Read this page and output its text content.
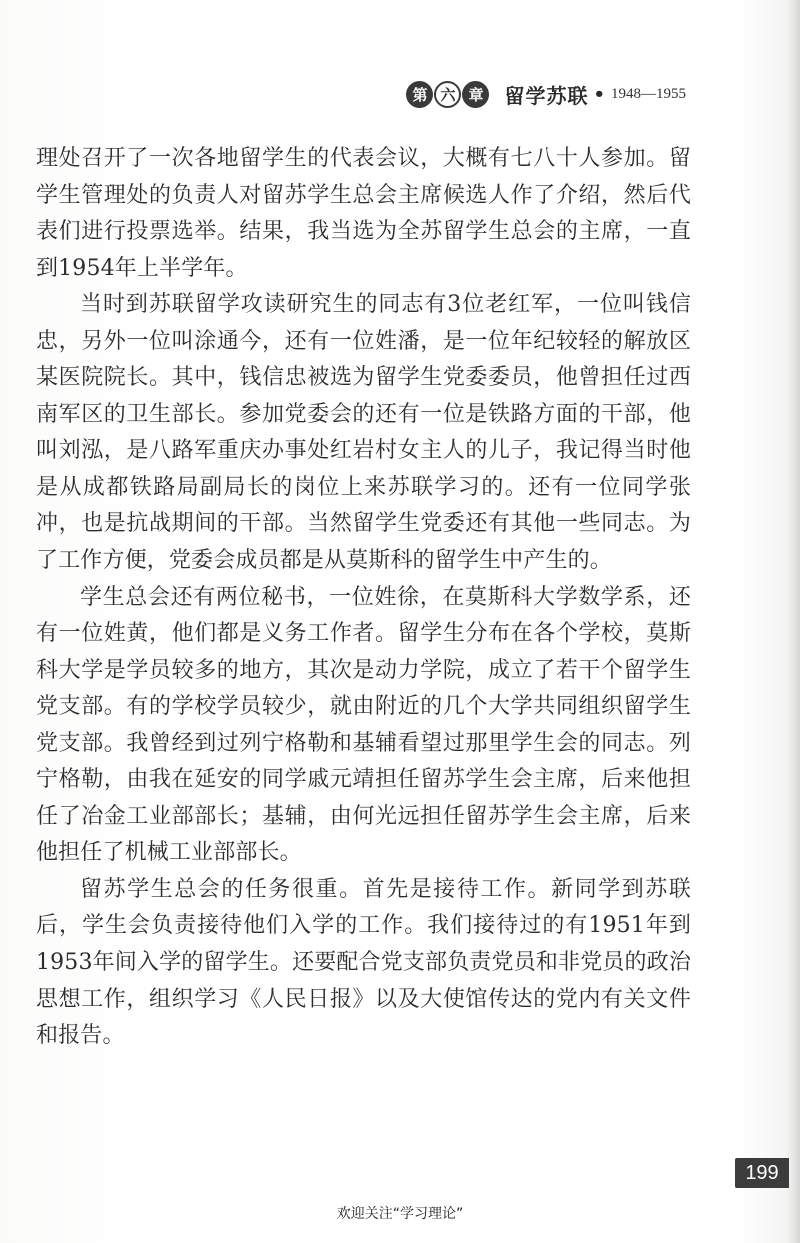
第 六 章	留学苏联 • 1948—1955

理处召开了一次各地留学生的代表会议，大概有七八十人参加。留学生管理处的负责人对留苏学生总会主席候选人作了介绍，然后代表们进行投票选举。结果，我当选为全苏留学生总会的主席，一直到1954年上半学年。

当时到苏联留学攻读研究生的同志有3位老红军，一位叫钱信忠，另外一位叫涂通今，还有一位姓潘，是一位年纪较轻的解放区某医院院长。其中，钱信忠被选为留学生党委委员，他曾担任过西南军区的卫生部长。参加党委会的还有一位是铁路方面的干部，他叫刘泓，是八路军重庆办事处红岩村女主人的儿子，我记得当时他是从成都铁路局副局长的岗位上来苏联学习的。还有一位同学张冲，也是抗战期间的干部。当然留学生党委还有其他一些同志。为了工作方便，党委会成员都是从莫斯科的留学生中产生的。

学生总会还有两位秘书，一位姓徐，在莫斯科大学数学系，还有一位姓黄，他们都是义务工作者。留学生分布在各个学校，莫斯科大学是学员较多的地方，其次是动力学院，成立了若干个留学生党支部。有的学校学员较少，就由附近的几个大学共同组织留学生党支部。我曾经到过列宁格勒和基辅看望过那里学生会的同志。列宁格勒，由我在延安的同学戚元靖担任留苏学生会主席，后来他担任了冶金工业部部长；基辅，由何光远担任留苏学生会主席，后来他担任了机械工业部部长。

留苏学生总会的任务很重。首先是接待工作。新同学到苏联后，学生会负责接待他们入学的工作。我们接待过的有1951年到1953年间入学的留学生。还要配合党支部负责党员和非党员的政治思想工作，组织学习《人民日报》以及大使馆传达的党内有关文件和报告。

199
欢迎关注“学习理论”
